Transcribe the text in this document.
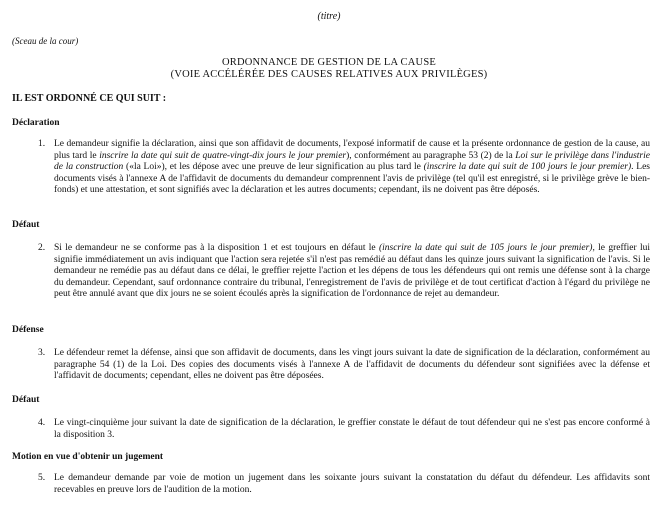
(titre)
(Sceau de la cour)
ORDONNANCE DE GESTION DE LA CAUSE
(VOIE ACCÉLÉRÉE DES CAUSES RELATIVES AUX PRIVILÈGES)
IL EST ORDONNÉ CE QUI SUIT :
Déclaration
1. Le demandeur signifie la déclaration, ainsi que son affidavit de documents, l'exposé informatif de cause et la présente ordonnance de gestion de la cause, au plus tard le inscrire la date qui suit de quatre-vingt-dix jours le jour premier), conformément au paragraphe 53 (2) de la Loi sur le privilège dans l'industrie de la construction («la Loi»), et les dépose avec une preuve de leur signification au plus tard le (inscrire la date qui suit de 100 jours le jour premier). Les documents visés à l'annexe A de l'affidavit de documents du demandeur comprennent l'avis de privilège (tel qu'il est enregistré, si le privilège grève le bien-fonds) et une attestation, et sont signifiés avec la déclaration et les autres documents; cependant, ils ne doivent pas être déposés.
Défaut
2. Si le demandeur ne se conforme pas à la disposition 1 et est toujours en défaut le (inscrire la date qui suit de 105 jours le jour premier), le greffier lui signifie immédiatement un avis indiquant que l'action sera rejetée s'il n'est pas remédié au défaut dans les quinze jours suivant la signification de l'avis. Si le demandeur ne remédie pas au défaut dans ce délai, le greffier rejette l'action et les dépens de tous les défendeurs qui ont remis une défense sont à la charge du demandeur. Cependant, sauf ordonnance contraire du tribunal, l'enregistrement de l'avis de privilège et de tout certificat d'action à l'égard du privilège ne peut être annulé avant que dix jours ne se soient écoulés après la signification de l'ordonnance de rejet au demandeur.
Défense
3. Le défendeur remet la défense, ainsi que son affidavit de documents, dans les vingt jours suivant la date de signification de la déclaration, conformément au paragraphe 54 (1) de la Loi. Des copies des documents visés à l'annexe A de l'affidavit de documents du défendeur sont signifiées avec la défense et l'affidavit de documents; cependant, elles ne doivent pas être déposées.
Défaut
4. Le vingt-cinquième jour suivant la date de signification de la déclaration, le greffier constate le défaut de tout défendeur qui ne s'est pas encore conformé à la disposition 3.
Motion en vue d'obtenir un jugement
5. Le demandeur demande par voie de motion un jugement dans les soixante jours suivant la constatation du défaut du défendeur. Les affidavits sont recevables en preuve lors de l'audition de la motion.
